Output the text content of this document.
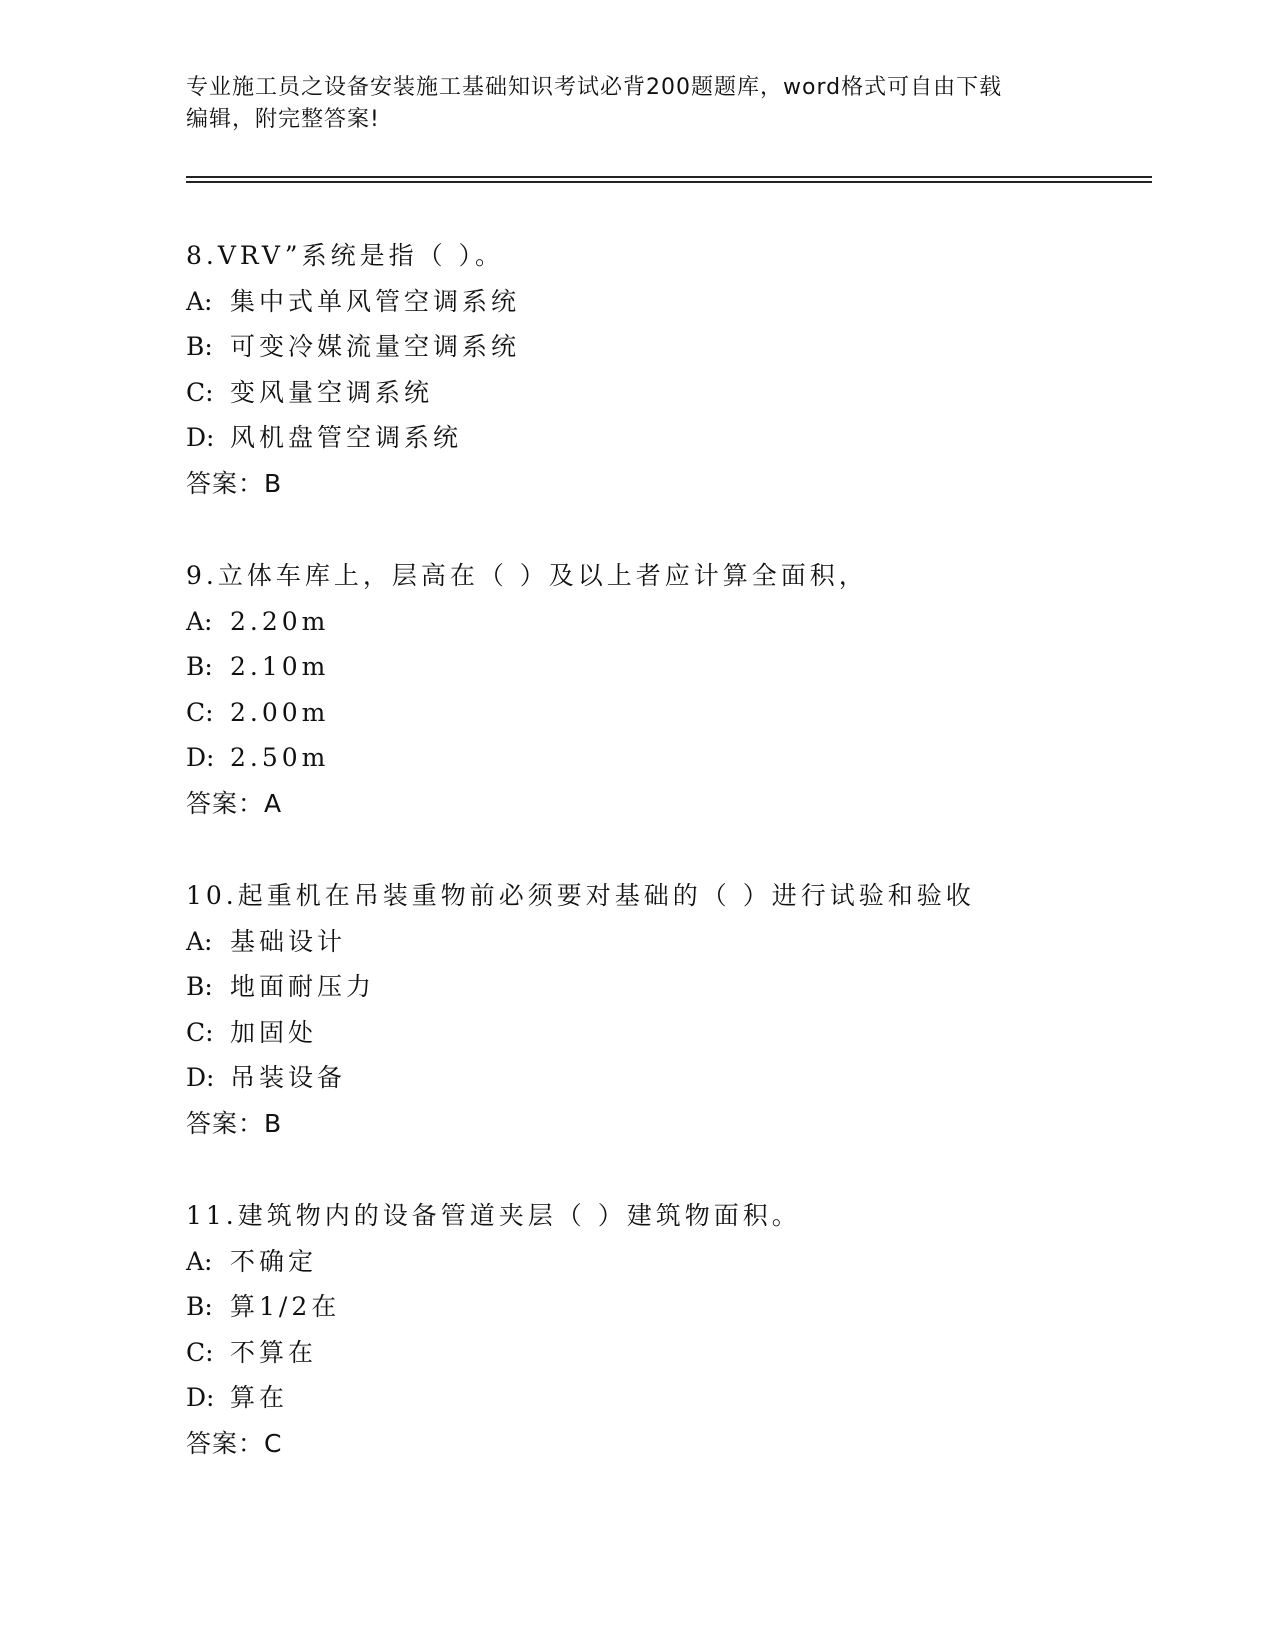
专业施工员之设备安装施工基础知识考试必背200题题库，word格式可自由下载
编辑，附完整答案!
8.VRV”系统是指（ ）。
A: 集中式单风管空调系统
B: 可变冷媒流量空调系统
C: 变风量空调系统
D: 风机盘管空调系统
答案：B
9.立体车库上，层高在（ ）及以上者应计算全面积，
A: 2.20m
B: 2.10m
C: 2.00m
D: 2.50m
答案：A
10.起重机在吊装重物前必须要对基础的（ ）进行试验和验收
A: 基础设计
B: 地面耐压力
C: 加固处
D: 吊装设备
答案：B
11.建筑物内的设备管道夹层（ ）建筑物面积。
A: 不确定
B: 算1/2在
C: 不算在
D: 算在
答案：C
